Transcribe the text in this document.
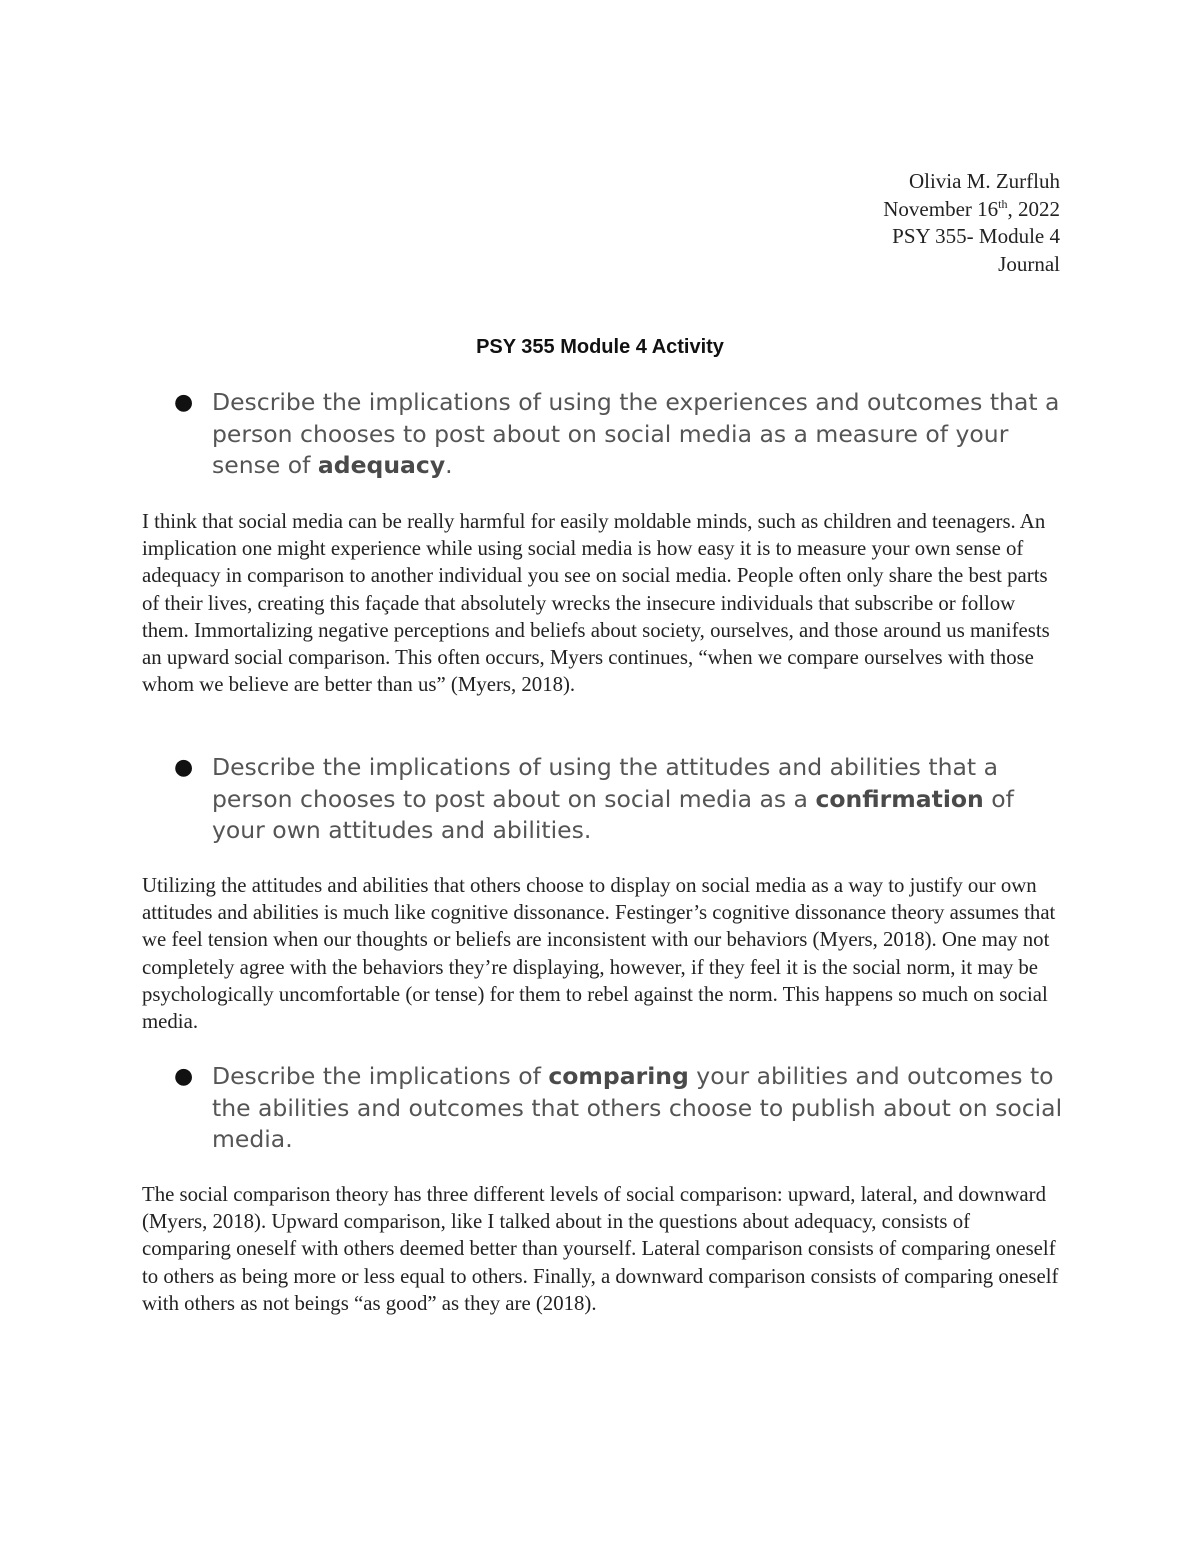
Olivia M. Zurfluh
November 16th, 2022
PSY 355- Module 4
Journal
PSY 355 Module 4 Activity
● Describe the implications of using the experiences and outcomes that a person chooses to post about on social media as a measure of your sense of adequacy.
I think that social media can be really harmful for easily moldable minds, such as children and teenagers. An implication one might experience while using social media is how easy it is to measure your own sense of adequacy in comparison to another individual you see on social media. People often only share the best parts of their lives, creating this façade that absolutely wrecks the insecure individuals that subscribe or follow them. Immortalizing negative perceptions and beliefs about society, ourselves, and those around us manifests an upward social comparison. This often occurs, Myers continues, “when we compare ourselves with those whom we believe are better than us” (Myers, 2018).
● Describe the implications of using the attitudes and abilities that a person chooses to post about on social media as a confirmation of your own attitudes and abilities.
Utilizing the attitudes and abilities that others choose to display on social media as a way to justify our own attitudes and abilities is much like cognitive dissonance. Festinger’s cognitive dissonance theory assumes that we feel tension when our thoughts or beliefs are inconsistent with our behaviors (Myers, 2018). One may not completely agree with the behaviors they’re displaying, however, if they feel it is the social norm, it may be psychologically uncomfortable (or tense) for them to rebel against the norm. This happens so much on social media.
● Describe the implications of comparing your abilities and outcomes to the abilities and outcomes that others choose to publish about on social media.
The social comparison theory has three different levels of social comparison: upward, lateral, and downward (Myers, 2018). Upward comparison, like I talked about in the questions about adequacy, consists of comparing oneself with others deemed better than yourself. Lateral comparison consists of comparing oneself to others as being more or less equal to others. Finally, a downward comparison consists of comparing oneself with others as not beings “as good” as they are (2018).
